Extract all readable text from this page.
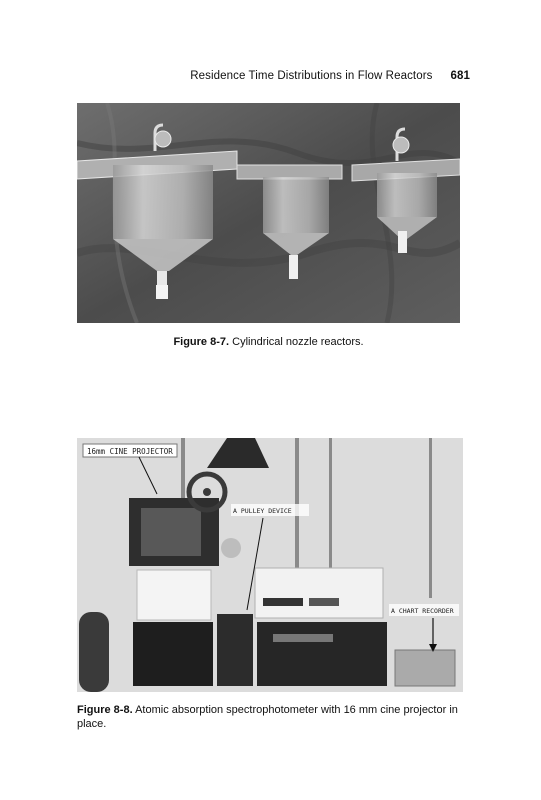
Residence Time Distributions in Flow Reactors 681
Figure 8-7. Cylindrical nozzle reactors.
16mm CINE PROJECTOR
A PULLEY DEVICE
A CHART RECORDER
Figure 8-8. Atomic absorption spectrophotometer with 16 mm cine projector in place.
